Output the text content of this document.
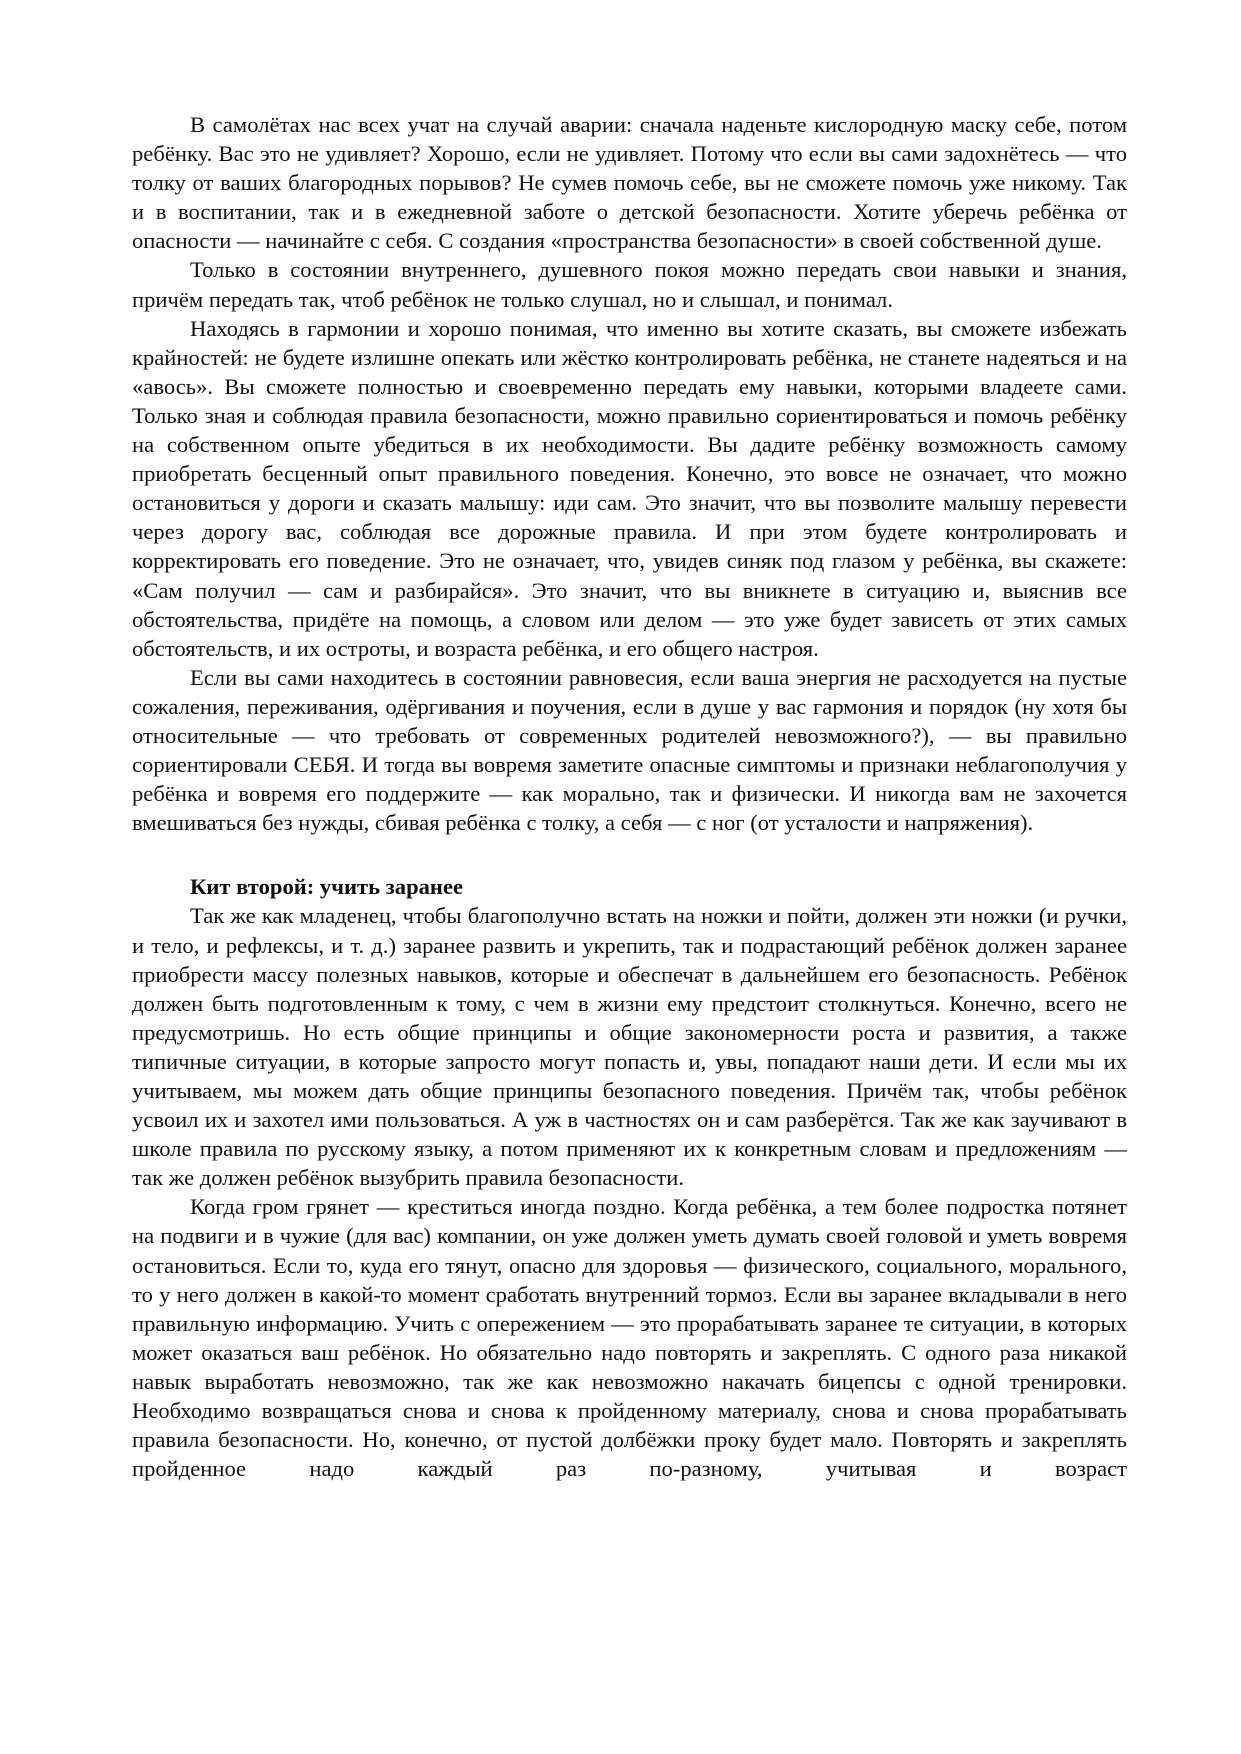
В самолётах нас всех учат на случай аварии: сначала наденьте кислородную маску себе, потом ребёнку. Вас это не удивляет? Хорошо, если не удивляет. Потому что если вы сами задохнётесь — что толку от ваших благородных порывов? Не сумев помочь себе, вы не сможете помочь уже никому. Так и в воспитании, так и в ежедневной заботе о детской безопасности. Хотите уберечь ребёнка от опасности — начинайте с себя. С создания «пространства безопасности» в своей собственной душе.

Только в состоянии внутреннего, душевного покоя можно передать свои навыки и знания, причём передать так, чтоб ребёнок не только слушал, но и слышал, и понимал.

Находясь в гармонии и хорошо понимая, что именно вы хотите сказать, вы сможете избежать крайностей: не будете излишне опекать или жёстко контролировать ребёнка, не станете надеяться и на «авось». Вы сможете полностью и своевременно передать ему навыки, которыми владеете сами. Только зная и соблюдая правила безопасности, можно правильно сориентироваться и помочь ребёнку на собственном опыте убедиться в их необходимости. Вы дадите ребёнку возможность самому приобретать бесценный опыт правильного поведения. Конечно, это вовсе не означает, что можно остановиться у дороги и сказать малышу: иди сам. Это значит, что вы позволите малышу перевести через дорогу вас, соблюдая все дорожные правила. И при этом будете контролировать и корректировать его поведение. Это не означает, что, увидев синяк под глазом у ребёнка, вы скажете: «Сам получил — сам и разбирайся». Это значит, что вы вникнете в ситуацию и, выяснив все обстоятельства, придёте на помощь, а словом или делом — это уже будет зависеть от этих самых обстоятельств, и их остроты, и возраста ребёнка, и его общего настроя.

Если вы сами находитесь в состоянии равновесия, если ваша энергия не расходуется на пустые сожаления, переживания, одёргивания и поучения, если в душе у вас гармония и порядок (ну хотя бы относительные — что требовать от современных родителей невозможного?), — вы правильно сориентировали СЕБЯ. И тогда вы вовремя заметите опасные симптомы и признаки неблагополучия у ребёнка и вовремя его поддержите — как морально, так и физически. И никогда вам не захочется вмешиваться без нужды, сбивая ребёнка с толку, а себя — с ног (от усталости и напряжения).

Кит второй: учить заранее

Так же как младенец, чтобы благополучно встать на ножки и пойти, должен эти ножки (и ручки, и тело, и рефлексы, и т. д.) заранее развить и укрепить, так и подрастающий ребёнок должен заранее приобрести массу полезных навыков, которые и обеспечат в дальнейшем его безопасность. Ребёнок должен быть подготовленным к тому, с чем в жизни ему предстоит столкнуться. Конечно, всего не предусмотришь. Но есть общие принципы и общие закономерности роста и развития, а также типичные ситуации, в которые запросто могут попасть и, увы, попадают наши дети. И если мы их учитываем, мы можем дать общие принципы безопасного поведения. Причём так, чтобы ребёнок усвоил их и захотел ими пользоваться. А уж в частностях он и сам разберётся. Так же как заучивают в школе правила по русскому языку, а потом применяют их к конкретным словам и предложениям — так же должен ребёнок вызубрить правила безопасности.

Когда гром грянет — креститься иногда поздно. Когда ребёнка, а тем более подростка потянет на подвиги и в чужие (для вас) компании, он уже должен уметь думать своей головой и уметь вовремя остановиться. Если то, куда его тянут, опасно для здоровья — физического, социального, морального, то у него должен в какой-то момент сработать внутренний тормоз. Если вы заранее вкладывали в него правильную информацию. Учить с опережением — это прорабатывать заранее те ситуации, в которых может оказаться ваш ребёнок. Но обязательно надо повторять и закреплять. С одного раза никакой навык выработать невозможно, так же как невозможно накачать бицепсы с одной тренировки. Необходимо возвращаться снова и снова к пройденному материалу, снова и снова прорабатывать правила безопасности. Но, конечно, от пустой долбёжки проку будет мало. Повторять и закреплять пройденное надо каждый раз по-разному, учитывая и возраст
